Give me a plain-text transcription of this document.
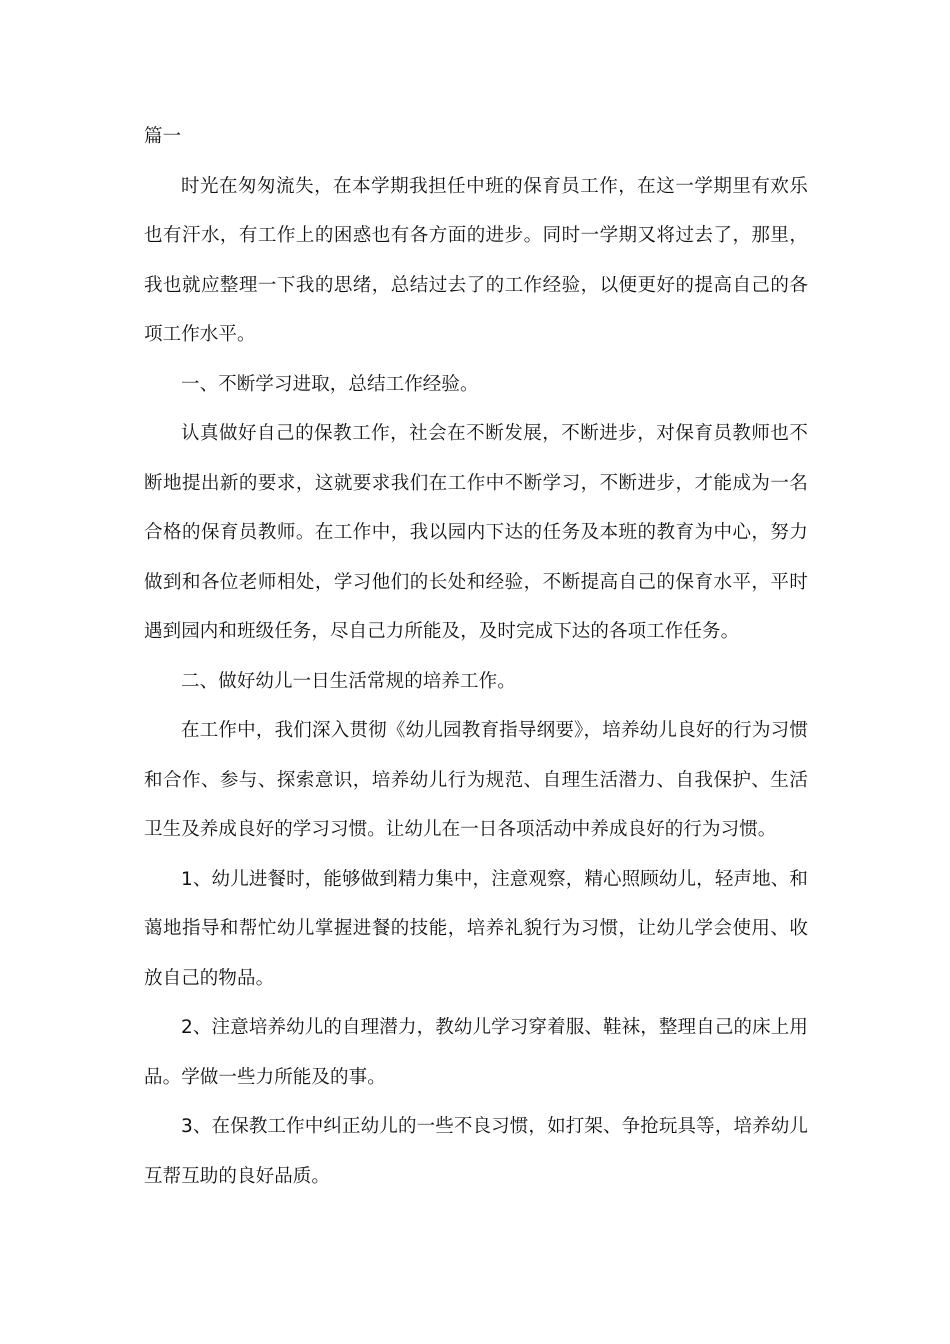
篇一

时光在匆匆流失，在本学期我担任中班的保育员工作，在这一学期里有欢乐也有汗水，有工作上的困惑也有各方面的进步。同时一学期又将过去了，那里，我也就应整理一下我的思绪，总结过去了的工作经验，以便更好的提高自己的各项工作水平。

一、不断学习进取，总结工作经验。

认真做好自己的保教工作，社会在不断发展，不断进步，对保育员教师也不断地提出新的要求，这就要求我们在工作中不断学习，不断进步，才能成为一名合格的保育员教师。在工作中，我以园内下达的任务及本班的教育为中心，努力做到和各位老师相处，学习他们的长处和经验，不断提高自己的保育水平，平时遇到园内和班级任务，尽自己力所能及，及时完成下达的各项工作任务。

二、做好幼儿一日生活常规的培养工作。

在工作中，我们深入贯彻《幼儿园教育指导纲要》，培养幼儿良好的行为习惯和合作、参与、探索意识，培养幼儿行为规范、自理生活潜力、自我保护、生活卫生及养成良好的学习习惯。让幼儿在一日各项活动中养成良好的行为习惯。

1、幼儿进餐时，能够做到精力集中，注意观察，精心照顾幼儿，轻声地、和蔼地指导和帮忙幼儿掌握进餐的技能，培养礼貌行为习惯，让幼儿学会使用、收放自己的物品。

2、注意培养幼儿的自理潜力，教幼儿学习穿着服、鞋袜，整理自己的床上用品。学做一些力所能及的事。

3、在保教工作中纠正幼儿的一些不良习惯，如打架、争抢玩具等，培养幼儿互帮互助的良好品质。
